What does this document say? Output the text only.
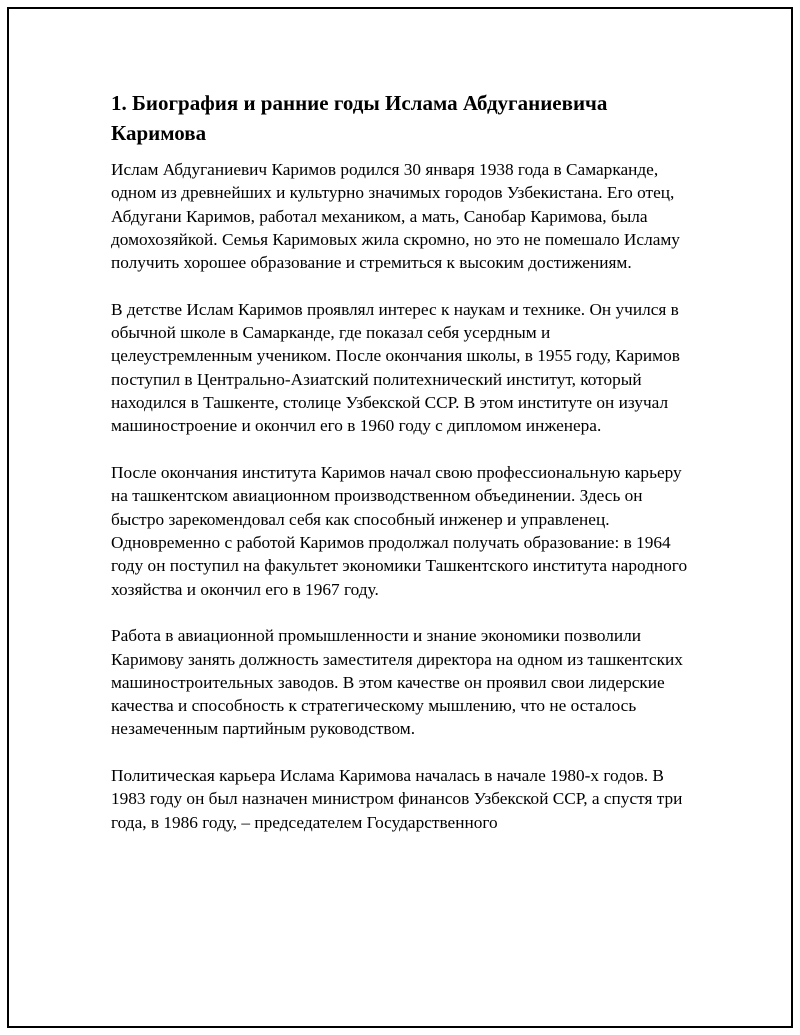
1. Биография и ранние годы Ислама Абдуганиевича Каримова

Ислам Абдуганиевич Каримов родился 30 января 1938 года в Самарканде, одном из древнейших и культурно значимых городов Узбекистана. Его отец, Абдугани Каримов, работал механиком, а мать, Санобар Каримова, была домохозяйкой. Семья Каримовых жила скромно, но это не помешало Исламу получить хорошее образование и стремиться к высоким достижениям.

В детстве Ислам Каримов проявлял интерес к наукам и технике. Он учился в обычной школе в Самарканде, где показал себя усердным и целеустремленным учеником. После окончания школы, в 1955 году, Каримов поступил в Центрально-Азиатский политехнический институт, который находился в Ташкенте, столице Узбекской ССР. В этом институте он изучал машиностроение и окончил его в 1960 году с дипломом инженера.

После окончания института Каримов начал свою профессиональную карьеру на ташкентском авиационном производственном объединении. Здесь он быстро зарекомендовал себя как способный инженер и управленец. Одновременно с работой Каримов продолжал получать образование: в 1964 году он поступил на факультет экономики Ташкентского института народного хозяйства и окончил его в 1967 году.

Работа в авиационной промышленности и знание экономики позволили Каримову занять должность заместителя директора на одном из ташкентских машиностроительных заводов. В этом качестве он проявил свои лидерские качества и способность к стратегическому мышлению, что не осталось незамеченным партийным руководством.

Политическая карьера Ислама Каримова началась в начале 1980-х годов. В 1983 году он был назначен министром финансов Узбекской ССР, а спустя три года, в 1986 году, – председателем Государственного
